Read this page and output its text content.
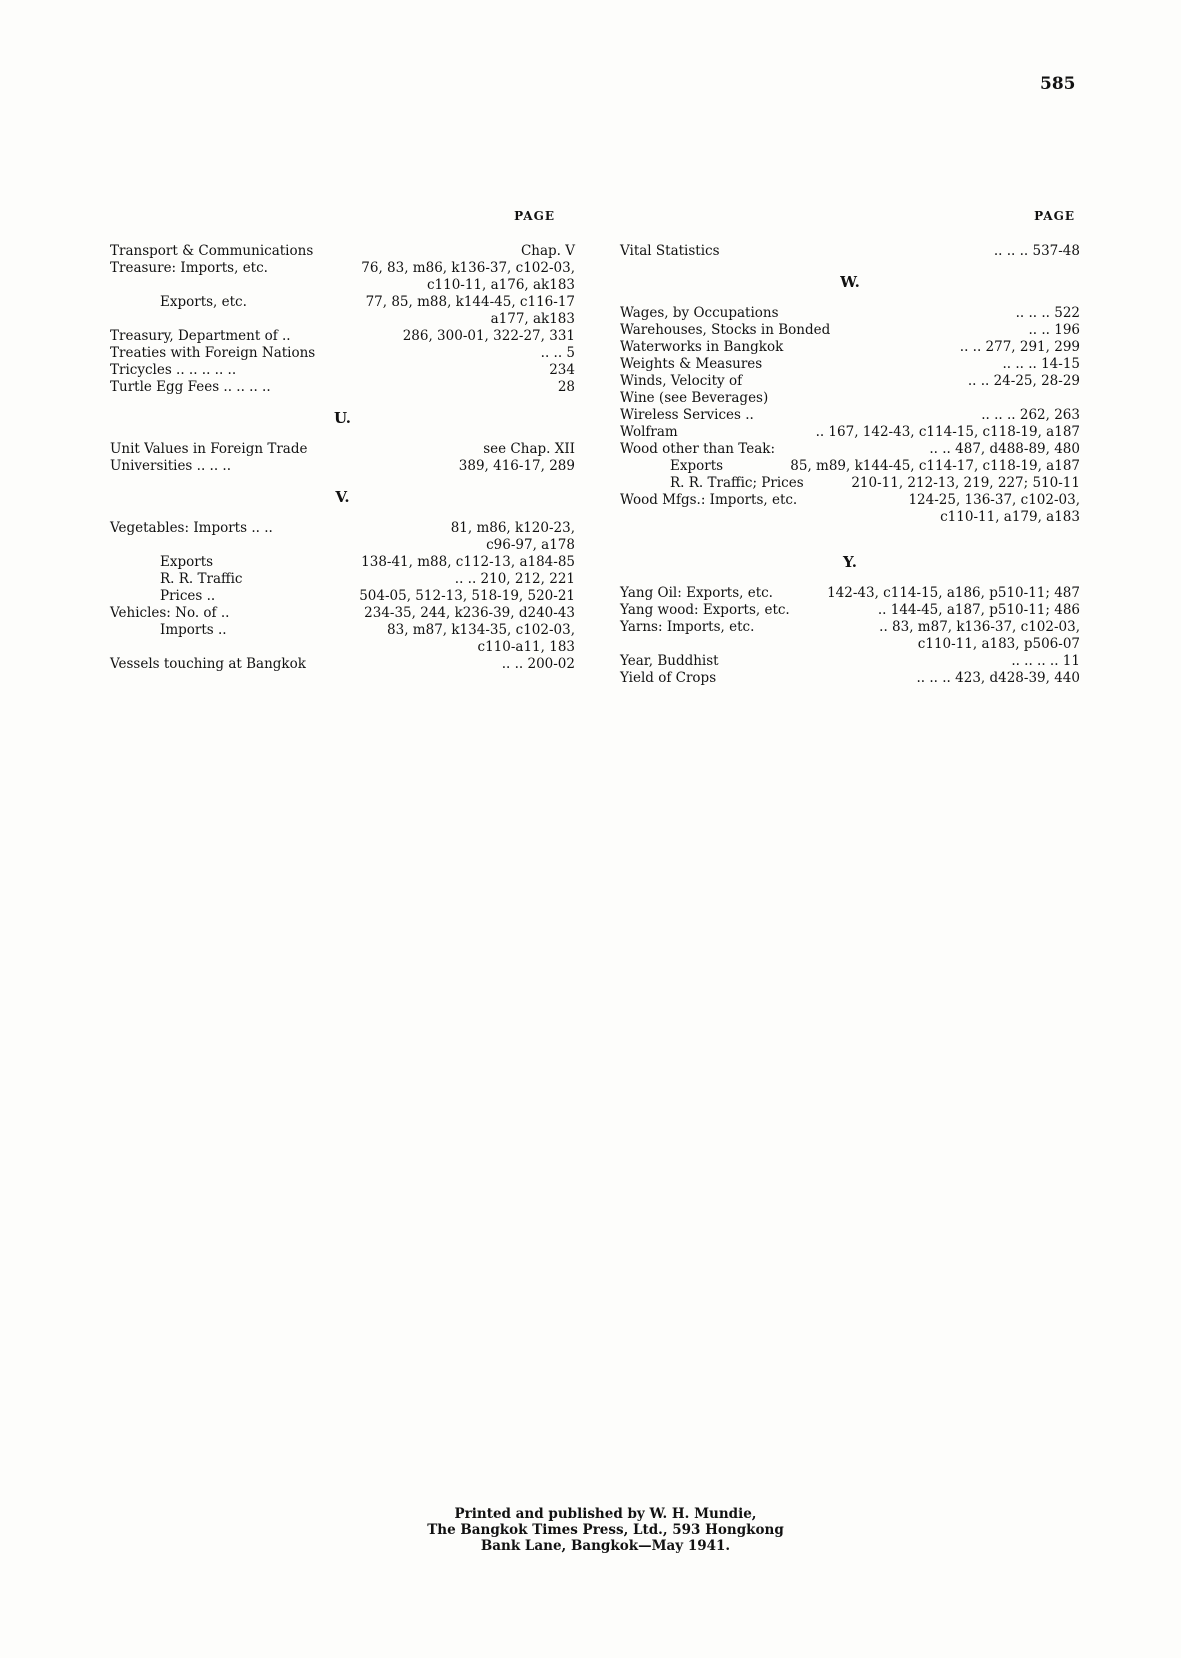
585
PAGE
Transport & Communications	Chap. V
Treasure: Imports, etc.	76, 83, m86, k136-37, c102-03,
c110-11, a176, ak183
Exports, etc.	77, 85, m88, k144-45, c116-17
a177, ak183
Treasury, Department of ..	286, 300-01, 322-27, 331
Treaties with Foreign Nations	.. .. 5
Tricycles .. .. .. .. ..	234
Turtle Egg Fees .. .. .. ..	28
U.
Unit Values in Foreign Trade	see Chap. XII
Universities .. .. ..	389, 416-17, 289
V.
Vegetables: Imports .. ..	81, m86, k120-23,
c96-97, a178
Exports	138-41, m88, c112-13, a184-85
R. R. Traffic	.. .. 210, 212, 221
Prices ..	504-05, 512-13, 518-19, 520-21
Vehicles: No. of ..	234-35, 244, k236-39, d240-43
Imports ..	83, m87, k134-35, c102-03,
c110-a11, 183
Vessels touching at Bangkok	.. .. 200-02
PAGE
Vital Statistics	.. .. .. 537-48
W.
Wages, by Occupations	.. .. .. 522
Warehouses, Stocks in Bonded	.. .. 196
Waterworks in Bangkok	.. .. 277, 291, 299
Weights & Measures	.. .. .. 14-15
Winds, Velocity of	.. .. 24-25, 28-29
Wine (see Beverages)
Wireless Services ..	.. .. .. 262, 263
Wolfram	.. 167, 142-43, c114-15, c118-19, a187
Wood other than Teak:	.. .. 487, d488-89, 480
Exports	85, m89, k144-45, c114-17, c118-19, a187
R. R. Traffic; Prices	210-11, 212-13, 219, 227; 510-11
Wood Mfgs.: Imports, etc.	124-25, 136-37, c102-03,
c110-11, a179, a183
Y.
Yang Oil: Exports, etc.	142-43, c114-15, a186, p510-11; 487
Yang wood: Exports, etc.	.. 144-45, a187, p510-11; 486
Yarns: Imports, etc.	.. 83, m87, k136-37, c102-03,
c110-11, a183, p506-07
Year, Buddhist	.. .. .. .. 11
Yield of Crops	.. .. .. 423, d428-39, 440
Printed and published by W. H. Mundie,
The Bangkok Times Press, Ltd., 593 Hongkong
Bank Lane, Bangkok—May 1941.
